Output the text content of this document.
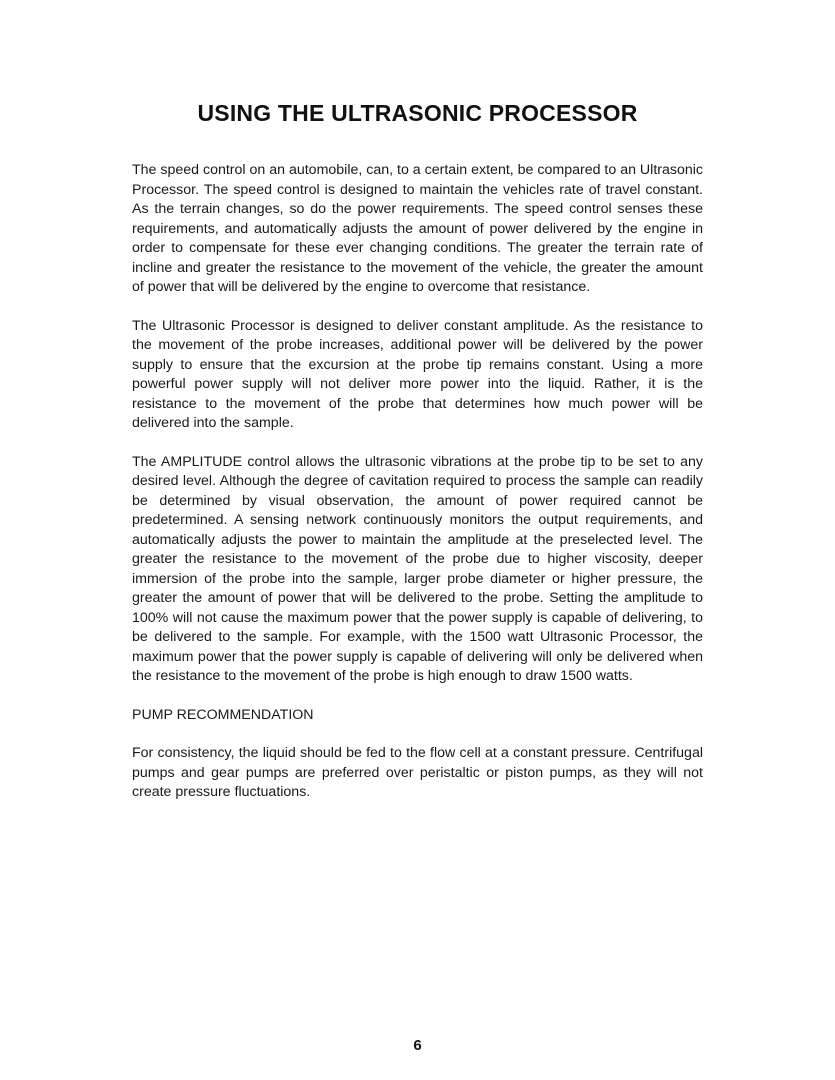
USING THE ULTRASONIC PROCESSOR

The speed control on an automobile, can, to a certain extent, be compared to an Ultrasonic Processor. The speed control is designed to maintain the vehicles rate of travel constant. As the terrain changes, so do the power requirements. The speed control senses these requirements, and automatically adjusts the amount of power delivered by the engine in order to compensate for these ever changing conditions. The greater the terrain rate of incline and greater the resistance to the movement of the vehicle, the greater the amount of power that will be delivered by the engine to overcome that resistance.

The Ultrasonic Processor is designed to deliver constant amplitude. As the resistance to the movement of the probe increases, additional power will be delivered by the power supply to ensure that the excursion at the probe tip remains constant. Using a more powerful power supply will not deliver more power into the liquid. Rather, it is the resistance to the movement of the probe that determines how much power will be delivered into the sample.

The AMPLITUDE control allows the ultrasonic vibrations at the probe tip to be set to any desired level. Although the degree of cavitation required to process the sample can readily be determined by visual observation, the amount of power required cannot be predetermined. A sensing network continuously monitors the output requirements, and automatically adjusts the power to maintain the amplitude at the preselected level. The greater the resistance to the movement of the probe due to higher viscosity, deeper immersion of the probe into the sample, larger probe diameter or higher pressure, the greater the amount of power that will be delivered to the probe. Setting the amplitude to 100% will not cause the maximum power that the power supply is capable of delivering, to be delivered to the sample. For example, with the 1500 watt Ultrasonic Processor, the maximum power that the power supply is capable of delivering will only be delivered when the resistance to the movement of the probe is high enough to draw 1500 watts.

PUMP RECOMMENDATION

For consistency, the liquid should be fed to the flow cell at a constant pressure. Centrifugal pumps and gear pumps are preferred over peristaltic or piston pumps, as they will not create pressure fluctuations.

6
